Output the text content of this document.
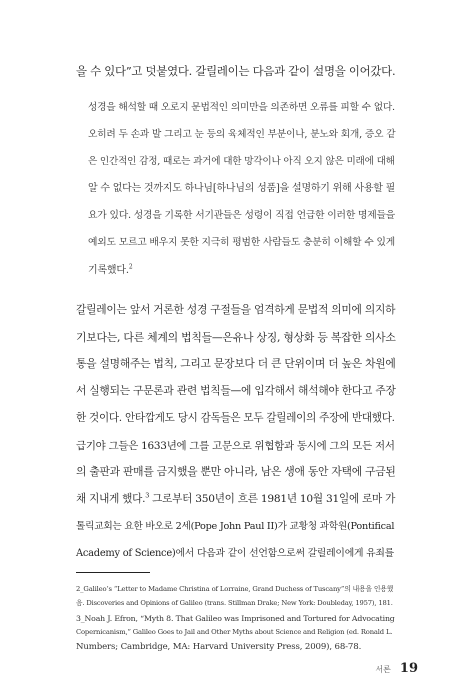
을 수 있다”고 덧붙였다. 갈릴레이는 다음과 같이 설명을 이어갔다.
성경을 해석할 때 오로지 문법적인 의미만을 의존하면 오류를 피할 수 없다.
오히려 두 손과 발 그리고 눈 등의 육체적인 부분이나, 분노와 회개, 증오 같
은 인간적인 감정, 때로는 과거에 대한 망각이나 아직 오지 않은 미래에 대해
알 수 없다는 것까지도 하나님[하나님의 성품]을 설명하기 위해 사용할 필
요가 있다. 성경을 기록한 서기관들은 성령이 직접 언급한 이러한 명제들을
예외도 모르고 배우지 못한 지극히 평범한 사람들도 충분히 이해할 수 있게
기록했다.$^2$
갈릴레이는 앞서 거론한 성경 구절들을 엄격하게 문법적 의미에 의지하
기보다는, 다른 체계의 법칙들—은유나 상징, 형상화 등 복잡한 의사소
통을 설명해주는 법칙, 그리고 문장보다 더 큰 단위이며 더 높은 차원에
서 실행되는 구문론과 관련 법칙들—에 입각해서 해석해야 한다고 주장
한 것이다. 안타깝게도 당시 감독들은 모두 갈릴레이의 주장에 반대했다.
급기야 그들은 1633년에 그를 고문으로 위협함과 동시에 그의 모든 저서
의 출판과 판매를 금지했을 뿐만 아니라, 남은 생애 동안 자택에 구금된
채 지내게 했다.$^3$ 그로부터 350년이 흐른 1981년 10월 31일에 로마 가
톨릭교회는 요한 바오로 2세(Pope John Paul II)가 교황청 과학원(Pontifical
Academy of Science)에서 다음과 같이 선언함으로써 갈릴레이에게 유죄를
2_Galileo’s “Letter to Madame Christina of Lorraine, Grand Duchess of Tuscany”의 내용을 인용했
음. Discoveries and Opinions of Galileo (trans. Stillman Drake; New York: Doubleday, 1957), 181.
3_Noah J. Efron, “Myth 8. That Galileo was Imprisoned and Tortured for Advocating
Copernicanism,” Galileo Goes to Jail and Other Myths about Science and Religion (ed. Ronald L.
Numbers; Cambridge, MA: Harvard University Press, 2009), 68-78.
서론 19
